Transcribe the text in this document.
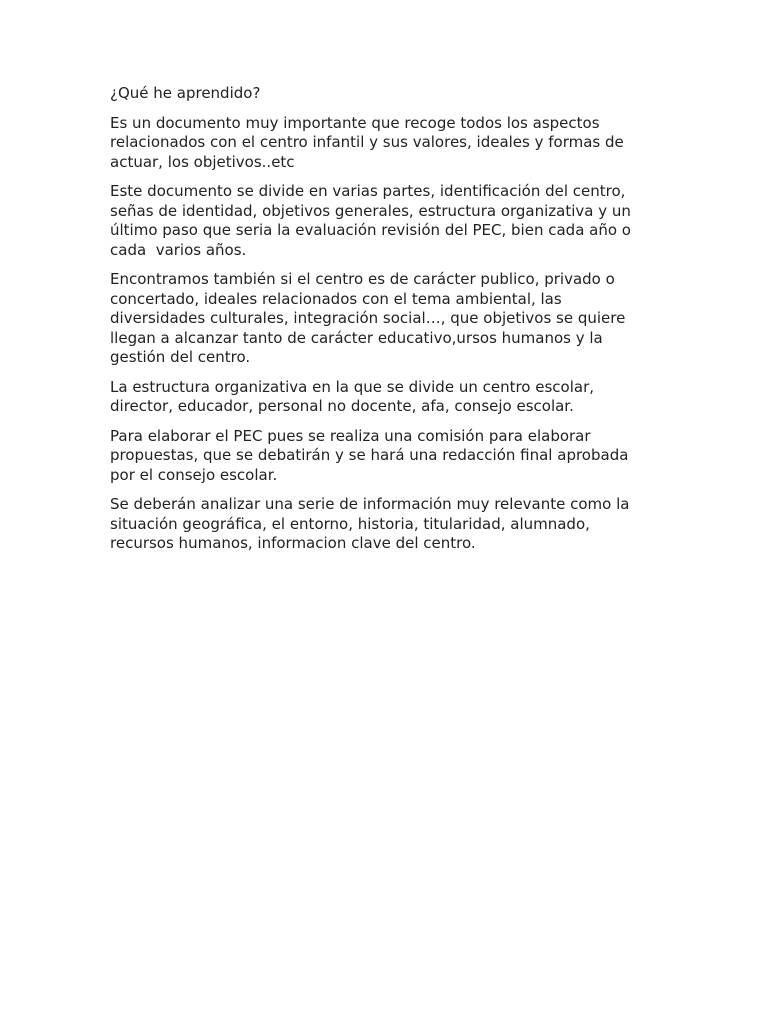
¿Qué he aprendido?

Es un documento muy importante que recoge todos los aspectos relacionados con el centro infantil y sus valores, ideales y formas de actuar, los objetivos..etc

Este documento se divide en varias partes, identificación del centro, señas de identidad, objetivos generales, estructura organizativa y un último paso que seria la evaluación revisión del PEC, bien cada año o cada  varios años.

Encontramos también si el centro es de carácter publico, privado o concertado, ideales relacionados con el tema ambiental, las diversidades culturales, integración social…, que objetivos se quiere llegan a alcanzar tanto de carácter educativo,ursos humanos y la gestión del centro.

La estructura organizativa en la que se divide un centro escolar, director, educador, personal no docente, afa, consejo escolar.

Para elaborar el PEC pues se realiza una comisión para elaborar propuestas, que se debatirán y se hará una redacción final aprobada por el consejo escolar.

Se deberán analizar una serie de información muy relevante como la situación geográfica, el entorno, historia, titularidad, alumnado, recursos humanos, informacion clave del centro.
